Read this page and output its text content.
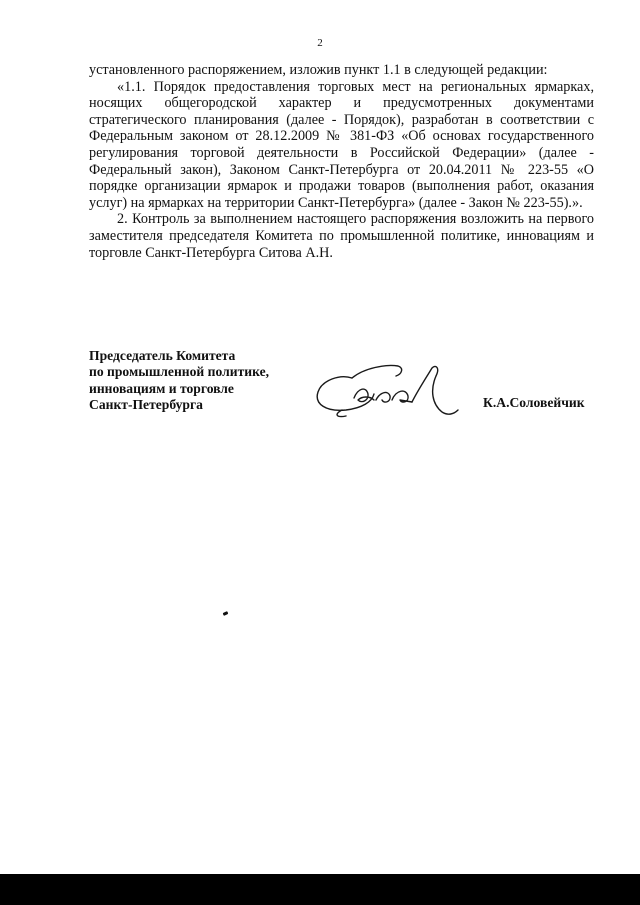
2

установленного распоряжением, изложив пункт 1.1 в следующей редакции:

«1.1. Порядок предоставления торговых мест на региональных ярмарках, носящих общегородской характер и предусмотренных документами стратегического планирования (далее - Порядок), разработан в соответствии с Федеральным законом от 28.12.2009 № 381-ФЗ «Об основах государственного регулирования торговой деятельности в Российской Федерации» (далее - Федеральный закон), Законом Санкт-Петербурга от 20.04.2011 № 223-55 «О порядке организации ярмарок и продажи товаров (выполнения работ, оказания услуг) на ярмарках на территории Санкт-Петербурга» (далее - Закон № 223-55).».

2. Контроль за выполнением настоящего распоряжения возложить на первого заместителя председателя Комитета по промышленной политике, инновациям и торговле Санкт-Петербурга Ситова А.Н.

Председатель Комитета
по промышленной политике,
инновациям и торговле
Санкт-Петербурга	К.А.Соловейчик
